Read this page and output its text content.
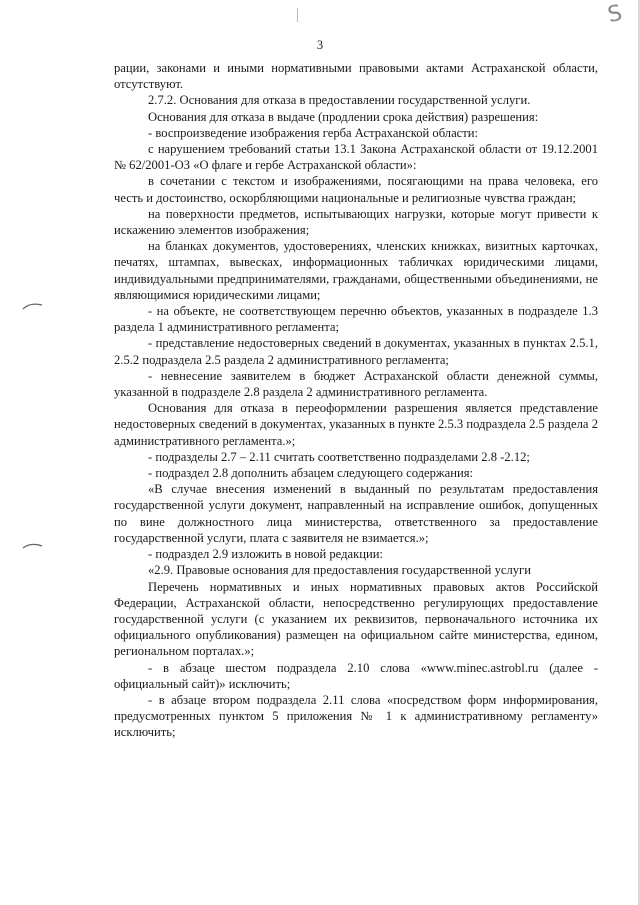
S
3

рации, законами и иными нормативными правовыми актами Астраханской области, отсутствуют.

2.7.2. Основания для отказа в предоставлении государственной услуги.

Основания для отказа в выдаче (продлении срока действия) разрешения:

- воспроизведение изображения герба Астраханской области:

с нарушением требований статьи 13.1 Закона Астраханской области от 19.12.2001 № 62/2001-ОЗ «О флаге и гербе Астраханской области»:

в сочетании с текстом и изображениями, посягающими на права человека, его честь и достоинство, оскорбляющими национальные и религиозные чувства граждан;

на поверхности предметов, испытывающих нагрузки, которые могут привести к искажению элементов изображения;

на бланках документов, удостоверениях, членских книжках, визитных карточках, печатях, штампах, вывесках, информационных табличках юридическими лицами, индивидуальными предпринимателями, гражданами, общественными объединениями, не являющимися юридическими лицами;

- на объекте, не соответствующем перечню объектов, указанных в подразделе 1.3 раздела 1 административного регламента;

- представление недостоверных сведений в документах, указанных в пунктах 2.5.1, 2.5.2 подраздела 2.5 раздела 2 административного регламента;

- невнесение заявителем в бюджет Астраханской области денежной суммы, указанной в подразделе 2.8 раздела 2 административного регламента.

Основания для отказа в переоформлении разрешения является представление недостоверных сведений в документах, указанных в пункте 2.5.3 подраздела 2.5 раздела 2 административного регламента.»;

- подразделы 2.7 – 2.11 считать соответственно подразделами 2.8 -2.12;

- подраздел 2.8 дополнить абзацем следующего содержания:

«В случае внесения изменений в выданный по результатам предоставления государственной услуги документ, направленный на исправление ошибок, допущенных по вине должностного лица министерства, ответственного за предоставление государственной услуги, плата с заявителя не взимается.»;

- подраздел 2.9 изложить в новой редакции:

«2.9. Правовые основания для предоставления государственной услуги

Перечень нормативных и иных нормативных правовых актов Российской Федерации, Астраханской области, непосредственно регулирующих предоставление государственной услуги (с указанием их реквизитов, первоначального источника их официального опубликования) размещен на официальном сайте министерства, едином, региональном порталах.»;

- в абзаце шестом подраздела 2.10 слова «www.minec.astrobl.ru (далее - официальный сайт)» исключить;

- в абзаце втором подраздела 2.11 слова «посредством форм информирования, предусмотренных пунктом 5 приложения № 1 к административному регламенту» исключить;
